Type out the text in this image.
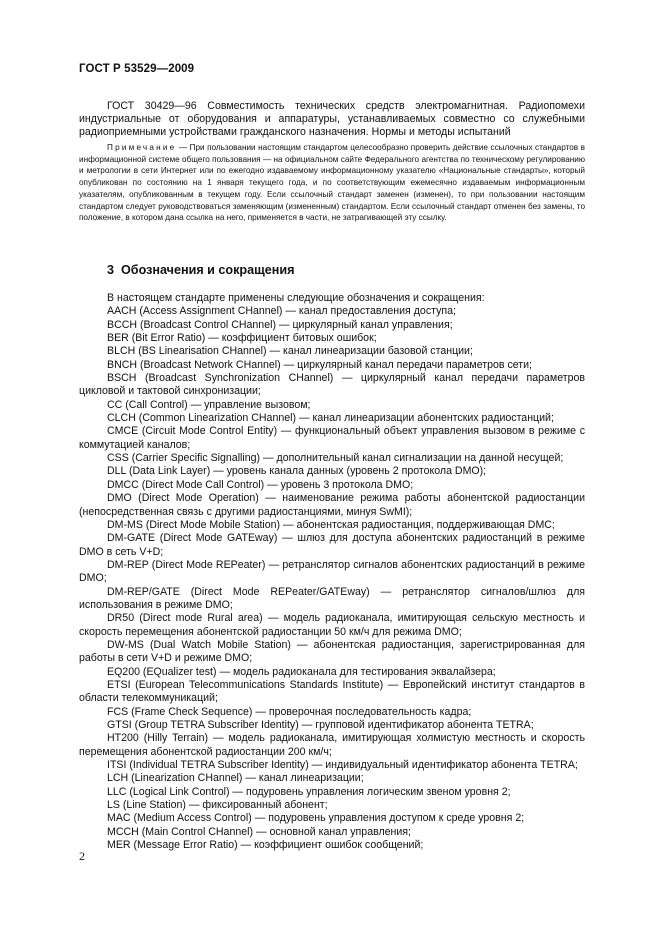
ГОСТ Р 53529—2009

ГОСТ 30429—96 Совместимость технических средств электромагнитная. Радиопомехи индустриальные от оборудования и аппаратуры, устанавливаемых совместно со служебными радиоприемными устройствами гражданского назначения. Нормы и методы испытаний

Примечание — При пользовании настоящим стандартом целесообразно проверить действие ссылочных стандартов в информационной системе общего пользования — на официальном сайте Федерального агентства по техническому регулированию и метрологии в сети Интернет или по ежегодно издаваемому информационному указателю «Национальные стандарты», который опубликован по состоянию на 1 января текущего года, и по соответствующим ежемесячно издаваемым информационным указателям, опубликованным в текущем году. Если ссылочный стандарт заменен (изменен), то при пользовании настоящим стандартом следует руководствоваться заменяющим (измененным) стандартом. Если ссылочный стандарт отменен без замены, то положение, в котором дана ссылка на него, применяется в части, не затрагивающей эту ссылку.

3 Обозначения и сокращения

В настоящем стандарте применены следующие обозначения и сокращения:

AACH (Access Assignment CHannel) — канал предоставления доступа;

BCCH (Broadcast Control CHannel) — циркулярный канал управления;

BER (Bit Error Ratio) — коэффициент битовых ошибок;

BLCH (BS Linearisation CHannel) — канал линеаризации базовой станции;

BNCH (Broadcast Network CHannel) — циркулярный канал передачи параметров сети;

BSCH (Broadcast Synchronization CHannel) — циркулярный канал передачи параметров цикловой и тактовой синхронизации;

CC (Call Control) — управление вызовом;

CLCH (Common Linearization CHannel) — канал линеаризации абонентских радиостанций;

CMCE (Circuit Mode Control Entity) — функциональный объект управления вызовом в режиме с коммутацией каналов;

CSS (Carrier Specific Signalling) — дополнительный канал сигнализации на данной несущей;

DLL (Data Link Layer) — уровень канала данных (уровень 2 протокола DMO);

DMCC (Direct Mode Call Control) — уровень 3 протокола DMO;

DMO (Direct Mode Operation) — наименование режима работы абонентской радиостанции (непосредственная связь с другими радиостанциями, минуя SwMI);

DM-MS (Direct Mode Mobile Station) — абонентская радиостанция, поддерживающая DMC;

DM-GATE (Direct Mode GATEway) — шлюз для доступа абонентских радиостанций в режиме DMO в сеть V+D;

DM-REP (Direct Mode REPeater) — ретранслятор сигналов абонентских радиостанций в режиме DMO;

DM-REP/GATE (Direct Mode REPeater/GATEway) — ретранслятор сигналов/шлюз для использования в режиме DMO;

DR50 (Direct mode Rural area) — модель радиоканала, имитирующая сельскую местность и скорость перемещения абонентской радиостанции 50 км/ч для режима DMO;

DW-MS (Dual Watch Mobile Station) — абонентская радиостанция, зарегистрированная для работы в сети V+D и режиме DMO;

EQ200 (EQualizer test) — модель радиоканала для тестирования эквалайзера;

ETSI (European Telecommunications Standards Institute) — Европейский институт стандартов в области телекоммуникаций;

FCS (Frame Check Sequence) — проверочная последовательность кадра;

GTSI (Group TETRA Subscriber Identity) — групповой идентификатор абонента TETRA;

HT200 (Hilly Terrain) — модель радиоканала, имитирующая холмистую местность и скорость перемещения абонентской радиостанции 200 км/ч;

ITSI (Individual TETRA Subscriber Identity) — индивидуальный идентификатор абонента TETRA;

LCH (Linearization CHannel) — канал линеаризации;

LLC (Logical Link Control) — подуровень управления логическим звеном уровня 2;

LS (Line Station) — фиксированный абонент;

MAC (Medium Access Control) — подуровень управления доступом к среде уровня 2;

MCCH (Main Control CHannel) — основной канал управления;

MER (Message Error Ratio) — коэффициент ошибок сообщений;

2
